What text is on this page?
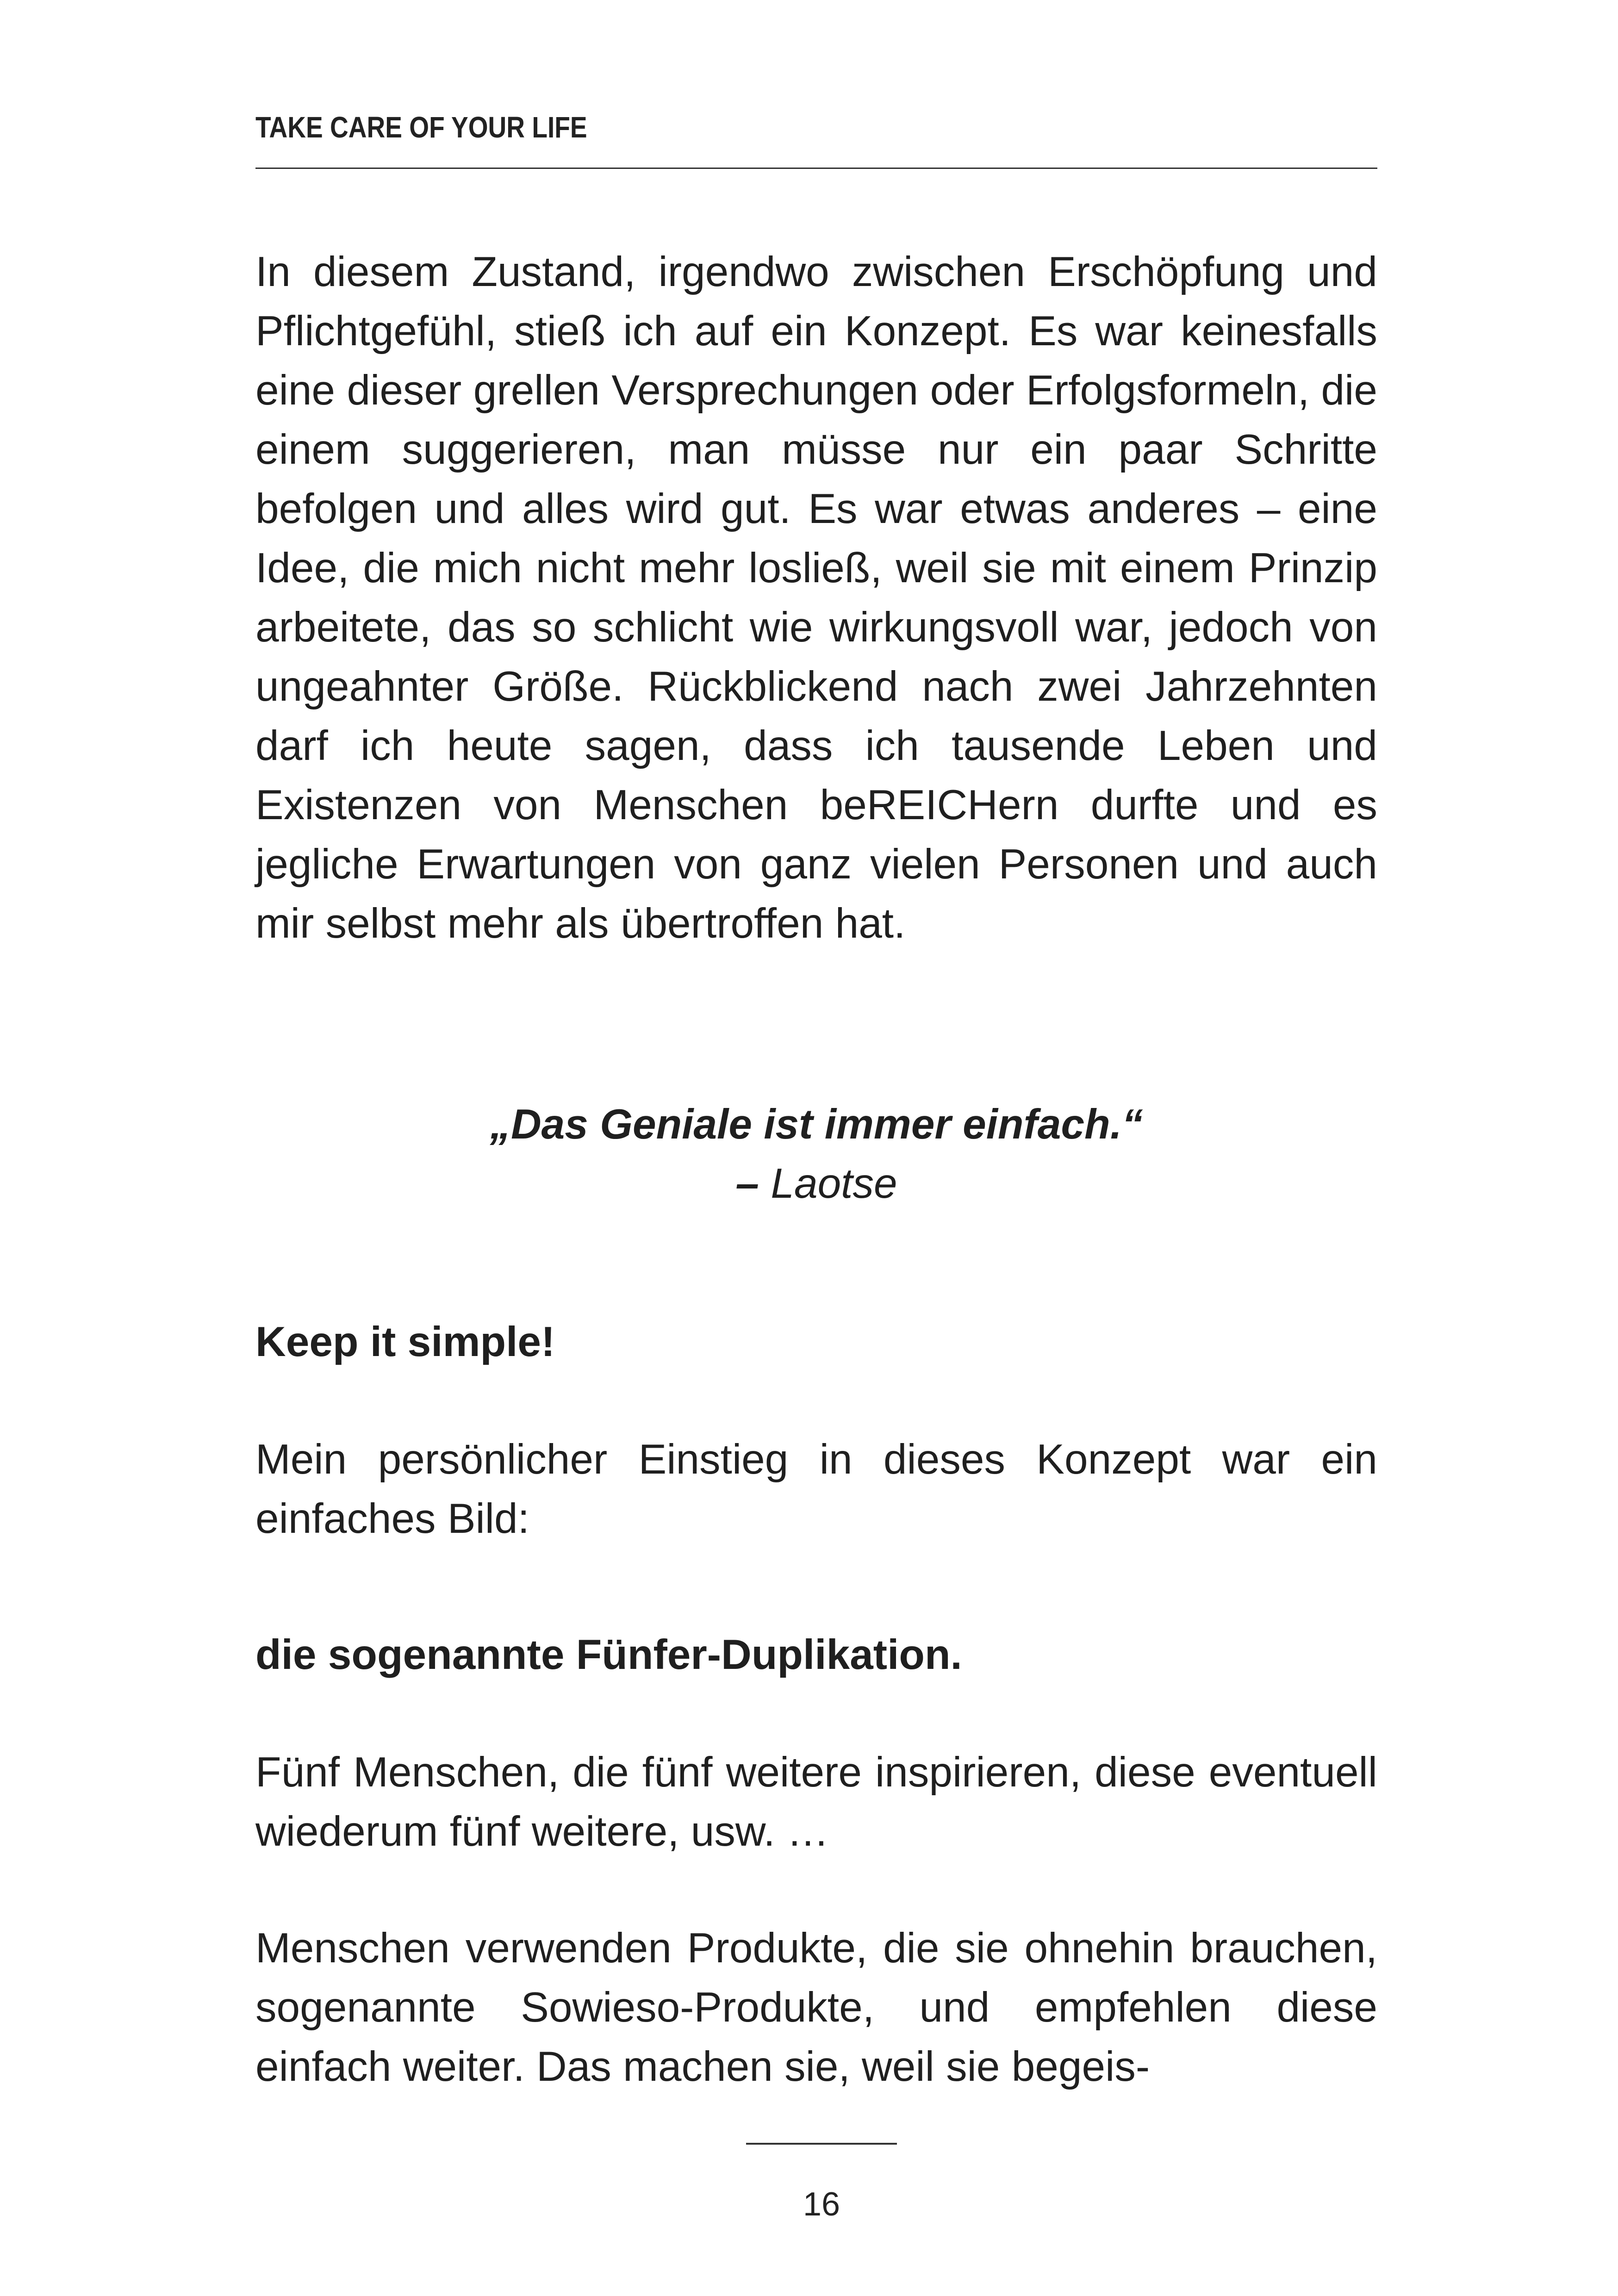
TAKE CARE OF YOUR LIFE

In diesem Zustand, irgendwo zwischen Erschöpfung und Pflichtgefühl, stieß ich auf ein Konzept. Es war keinesfalls eine dieser grellen Versprechungen oder Erfolgsformeln, die einem suggerieren, man müsse nur ein paar Schritte befolgen und alles wird gut. Es war etwas anderes – eine Idee, die mich nicht mehr losließ, weil sie mit einem Prinzip arbeitete, das so schlicht wie wirkungsvoll war, jedoch von ungeahnter Größe. Rückblickend nach zwei Jahrzehnten darf ich heute sagen, dass ich tausende Leben und Existenzen von Menschen beREICHern durfte und es jegliche Erwartungen von ganz vielen Personen und auch mir selbst mehr als übertroffen hat.

„Das Geniale ist immer einfach.“
– Laotse
Keep it simple!

Mein persönlicher Einstieg in dieses Konzept war ein einfaches Bild:

die sogenannte Fünfer-Duplikation.

Fünf Menschen, die fünf weitere inspirieren, diese eventuell wiederum fünf weitere, usw. …

Menschen verwenden Produkte, die sie ohnehin brauchen, sogenannte Sowieso-Produkte, und empfehlen diese einfach weiter. Das machen sie, weil sie begeis-

16
